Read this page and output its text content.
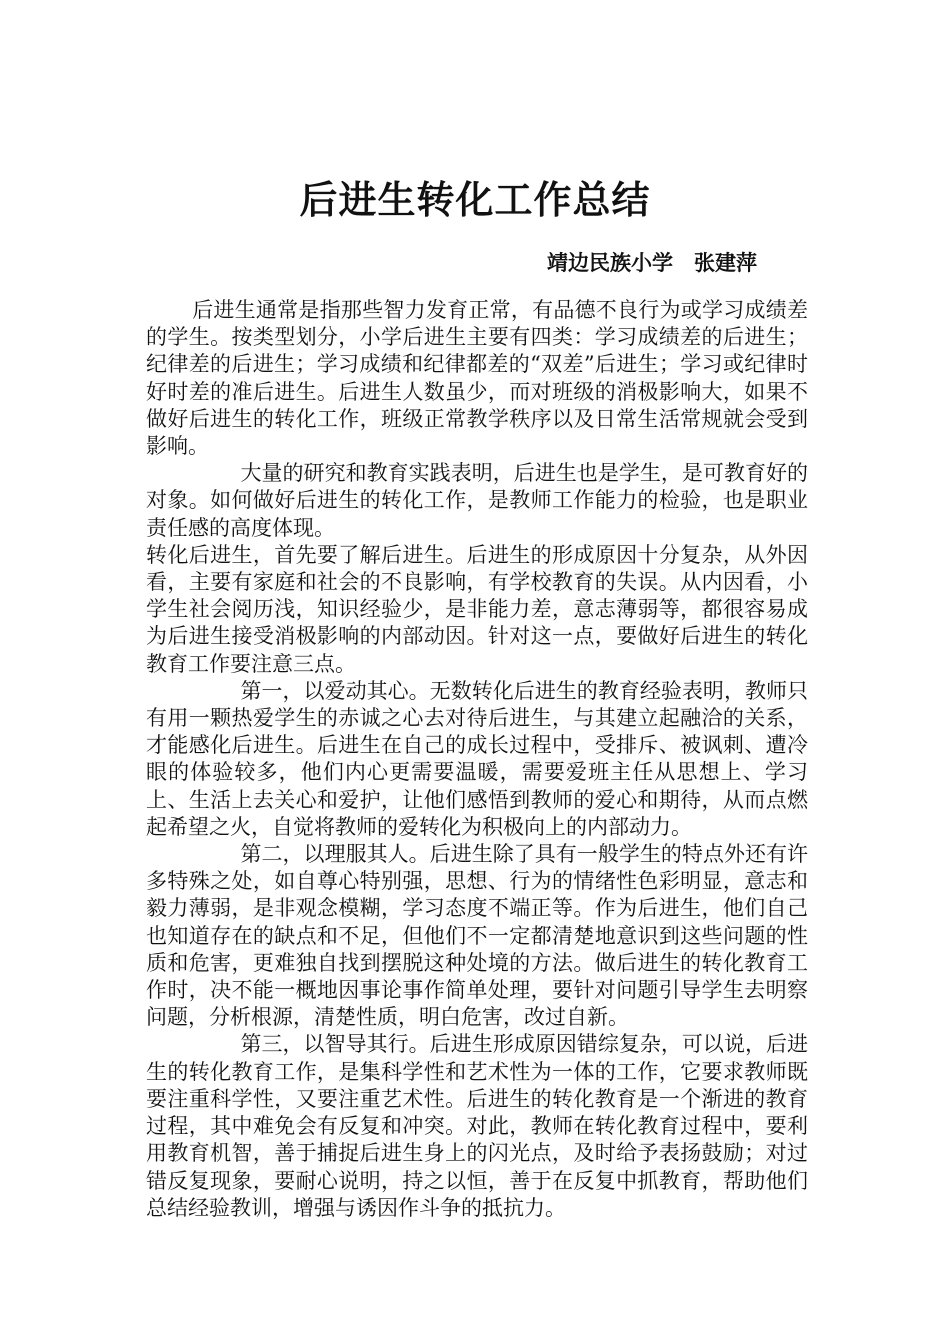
后进生转化工作总结
靖边民族小学　张建萍

后进生通常是指那些智力发育正常，有品德不良行为或学习成绩差的学生。按类型划分，小学后进生主要有四类：学习成绩差的后进生；纪律差的后进生；学习成绩和纪律都差的“双差”后进生；学习或纪律时好时差的准后进生。后进生人数虽少，而对班级的消极影响大，如果不做好后进生的转化工作，班级正常教学秩序以及日常生活常规就会受到影响。

大量的研究和教育实践表明，后进生也是学生，是可教育好的对象。如何做好后进生的转化工作，是教师工作能力的检验，也是职业责任感的高度体现。

转化后进生，首先要了解后进生。后进生的形成原因十分复杂，从外因看，主要有家庭和社会的不良影响，有学校教育的失误。从内因看，小学生社会阅历浅，知识经验少，是非能力差，意志薄弱等，都很容易成为后进生接受消极影响的内部动因。针对这一点，要做好后进生的转化教育工作要注意三点。

第一，以爱动其心。无数转化后进生的教育经验表明，教师只有用一颗热爱学生的赤诚之心去对待后进生，与其建立起融洽的关系，才能感化后进生。后进生在自己的成长过程中，受排斥、被讽刺、遭冷眼的体验较多，他们内心更需要温暖，需要爱班主任从思想上、学习上、生活上去关心和爱护，让他们感悟到教师的爱心和期待，从而点燃起希望之火，自觉将教师的爱转化为积极向上的内部动力。

第二，以理服其人。后进生除了具有一般学生的特点外还有许多特殊之处，如自尊心特别强，思想、行为的情绪性色彩明显，意志和毅力薄弱，是非观念模糊，学习态度不端正等。作为后进生，他们自己也知道存在的缺点和不足，但他们不一定都清楚地意识到这些问题的性质和危害，更难独自找到摆脱这种处境的方法。做后进生的转化教育工作时，决不能一概地因事论事作简单处理，要针对问题引导学生去明察问题，分析根源，清楚性质，明白危害，改过自新。

第三，以智导其行。后进生形成原因错综复杂，可以说，后进生的转化教育工作，是集科学性和艺术性为一体的工作，它要求教师既要注重科学性，又要注重艺术性。后进生的转化教育是一个渐进的教育过程，其中难免会有反复和冲突。对此，教师在转化教育过程中，要利用教育机智，善于捕捉后进生身上的闪光点，及时给予表扬鼓励；对过错反复现象，要耐心说明，持之以恒，善于在反复中抓教育，帮助他们总结经验教训，增强与诱因作斗争的抵抗力。
